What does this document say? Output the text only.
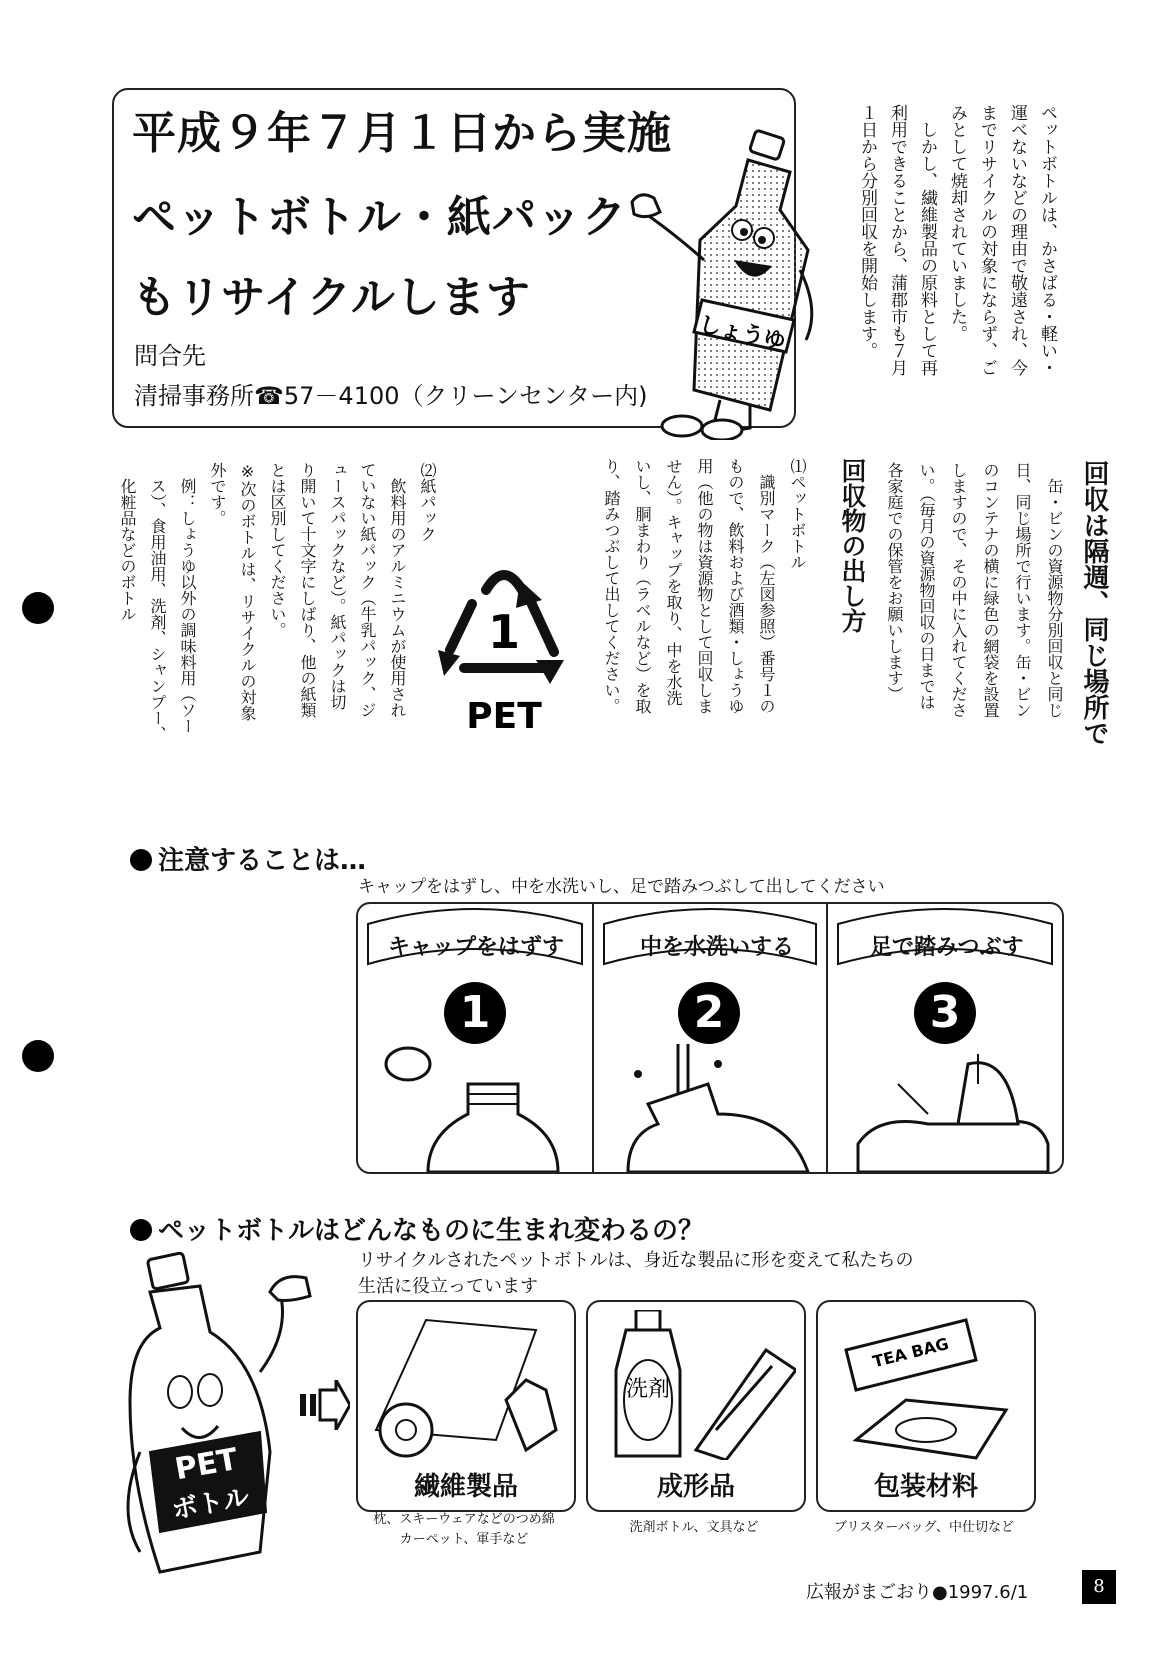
平成９年７月１日から実施
ペットボトル・紙パック
もリサイクルします
問合先
清掃事務所☎57－4100（クリーンセンター内)
しょうゆ	ペットボトルは、かさばる・軽い・
運べないなどの理由で敬遠され、今
までリサイクルの対象にならず、ご
みとして焼却されていました。
　しかし、繊維製品の原料として再
利用できることから、蒲郡市も７月
１日から分別回収を開始します。
回収は隔週、同じ場所で
　缶・ビンの資源物分別回収と同じ
日、同じ場所で行います。缶・ビン
のコンテナの横に緑色の網袋を設置
しますので、その中に入れてくださ
い。（毎月の資源物回収の日までは
各家庭での保管をお願いします）
回収物の出し方
⑴ペットボトル
　識別マーク（左図参照）番号１の
もので、飲料および酒類・しょうゆ
用（他の物は資源物として回収しま
せん）。キャップを取り、中を水洗
いし、胴まわり（ラベルなど）を取
り、踏みつぶして出してください。
1
PET
⑵紙パック
　飲料用のアルミニウムが使用され
ていない紙パック（牛乳パック、ジ
ュースパックなど）。紙パックは切
り開いて十文字にしばり、他の紙類
とは区別してください。
※次のボトルは、リサイクルの対象
外です。
　例：しょうゆ以外の調味料用（ソー
　ス）、食用油用、洗剤、シャンプー、
　化粧品などのボトル
注意することは…
キャップをはずし、中を水洗いし、足で踏みつぶして出してください
キャップをはずす
1
中を水洗いする
2
足で踏みつぶす
3
ペットボトルはどんなものに生まれ変わるの？
リサイクルされたペットボトルは、身近な製品に形を変えて私たちの
生活に役立っています
PET
ボトル	繊維製品
枕、スキーウェアなどのつめ綿
カーペット、軍手など
洗剤
成形品
洗剤ボトル、文具など
TEA BAG
包装材料
ブリスターバッグ、中仕切など
広報がまごおり●1997.6/1	8
